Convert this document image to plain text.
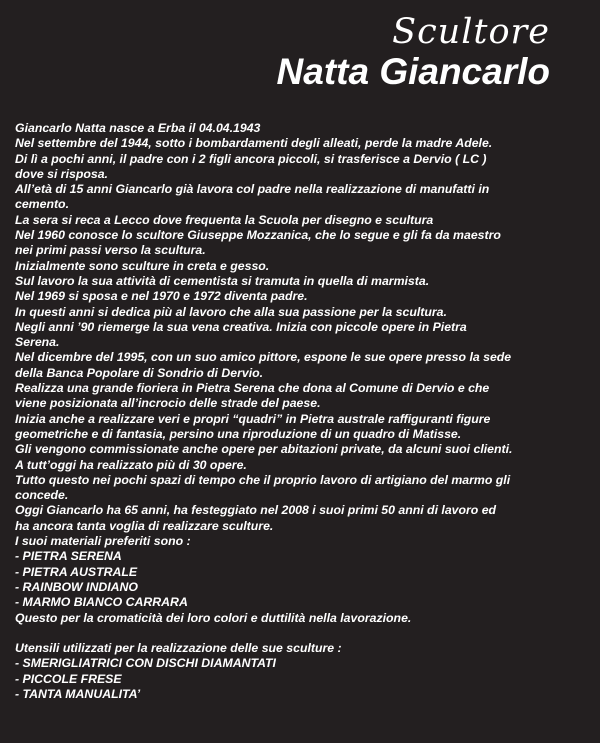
Scultore
Natta Giancarlo
Giancarlo Natta nasce a Erba il 04.04.1943
Nel settembre del 1944, sotto i bombardamenti degli alleati, perde la madre Adele.
Di lì a pochi anni, il padre con i 2 figli ancora piccoli, si trasferisce a Dervio ( LC )
dove si risposa.
All’età di 15 anni Giancarlo già lavora col padre nella realizzazione di manufatti in
cemento.
La sera si reca a Lecco dove frequenta la Scuola per disegno e scultura
Nel 1960 conosce lo scultore Giuseppe Mozzanica, che lo segue e gli fa da maestro
nei primi passi verso la scultura.
Inizialmente sono sculture in creta e gesso.
Sul lavoro la sua attività di cementista si tramuta in quella di marmista.
Nel 1969 si sposa e nel 1970 e 1972 diventa padre.
In questi anni si dedica più al lavoro che alla sua passione per la scultura.
Negli anni ’90 riemerge la sua vena creativa. Inizia con piccole opere in Pietra
Serena.
Nel dicembre del 1995, con un suo amico pittore, espone le sue opere presso la sede
della Banca Popolare di Sondrio di Dervio.
Realizza una grande fioriera in Pietra Serena che dona al Comune di Dervio e che
viene posizionata all’incrocio delle strade del paese.
Inizia anche a realizzare veri e propri “quadri” in Pietra australe raffiguranti figure
geometriche e di fantasia, persino una riproduzione di un quadro di Matisse.
Gli vengono commissionate anche opere per abitazioni private, da alcuni suoi clienti.
A tutt’oggi ha realizzato più di 30 opere.
Tutto questo nei pochi spazi di tempo che il proprio lavoro di artigiano del marmo gli
concede.
Oggi Giancarlo ha 65 anni, ha festeggiato nel 2008 i suoi primi 50 anni di lavoro ed
ha ancora tanta voglia di realizzare sculture.
I suoi materiali preferiti sono :
- PIETRA SERENA
- PIETRA AUSTRALE
- RAINBOW INDIANO
- MARMO BIANCO CARRARA
Questo per la cromaticità dei loro colori e duttilità nella lavorazione.
Utensili utilizzati per la realizzazione delle sue sculture :
- SMERIGLIATRICI CON DISCHI DIAMANTATI
- PICCOLE FRESE
- TANTA MANUALITA’
